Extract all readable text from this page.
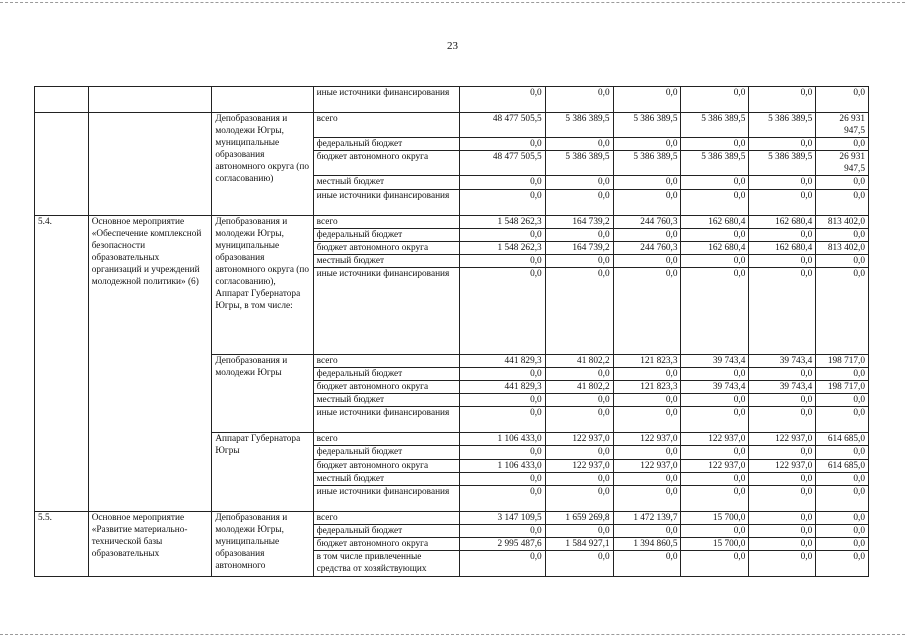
23
			иные источники финансирования	0,0	0,0	0,0	0,0	0,0	0,0
		Депобразования и молодежи Югры, муниципальные образования автономного округа (по согласованию)	всего	48 477 505,5	5 386 389,5	5 386 389,5	5 386 389,5	5 386 389,5	26 931 947,5
			федеральный бюджет	0,0	0,0	0,0	0,0	0,0	0,0
			бюджет автономного округа	48 477 505,5	5 386 389,5	5 386 389,5	5 386 389,5	5 386 389,5	26 931 947,5
			местный бюджет	0,0	0,0	0,0	0,0	0,0	0,0
			иные источники финансирования	0,0	0,0	0,0	0,0	0,0	0,0
5.4.	Основное мероприятие «Обеспечение комплексной безопасности образовательных организаций и учреждений молодежной политики» (6)	Депобразования и молодежи Югры, муниципальные образования автономного округа (по согласованию), Аппарат Губернатора Югры, в том числе:	всего	1 548 262,3	164 739,2	244 760,3	162 680,4	162 680,4	813 402,0
			федеральный бюджет	0,0	0,0	0,0	0,0	0,0	0,0
			бюджет автономного округа	1 548 262,3	164 739,2	244 760,3	162 680,4	162 680,4	813 402,0
			местный бюджет	0,0	0,0	0,0	0,0	0,0	0,0
			иные источники финансирования	0,0	0,0	0,0	0,0	0,0	0,0
		Депобразования и молодежи Югры	всего	441 829,3	41 802,2	121 823,3	39 743,4	39 743,4	198 717,0
			федеральный бюджет	0,0	0,0	0,0	0,0	0,0	0,0
			бюджет автономного округа	441 829,3	41 802,2	121 823,3	39 743,4	39 743,4	198 717,0
			местный бюджет	0,0	0,0	0,0	0,0	0,0	0,0
			иные источники финансирования	0,0	0,0	0,0	0,0	0,0	0,0
		Аппарат Губернатора Югры	всего	1 106 433,0	122 937,0	122 937,0	122 937,0	122 937,0	614 685,0
			федеральный бюджет	0,0	0,0	0,0	0,0	0,0	0,0
			бюджет автономного округа	1 106 433,0	122 937,0	122 937,0	122 937,0	122 937,0	614 685,0
			местный бюджет	0,0	0,0	0,0	0,0	0,0	0,0
			иные источники финансирования	0,0	0,0	0,0	0,0	0,0	0,0
5.5.	Основное мероприятие «Развитие материально-технической базы образовательных	Депобразования и молодежи Югры, муниципальные образования автономного	всего	3 147 109,5	1 659 269,8	1 472 139,7	15 700,0	0,0	0,0
			федеральный бюджет	0,0	0,0	0,0	0,0	0,0	0,0
			бюджет автономного округа	2 995 487,6	1 584 927,1	1 394 860,5	15 700,0	0,0	0,0
			в том числе привлеченные средства от хозяйствующих	0,0	0,0	0,0	0,0	0,0	0,0
